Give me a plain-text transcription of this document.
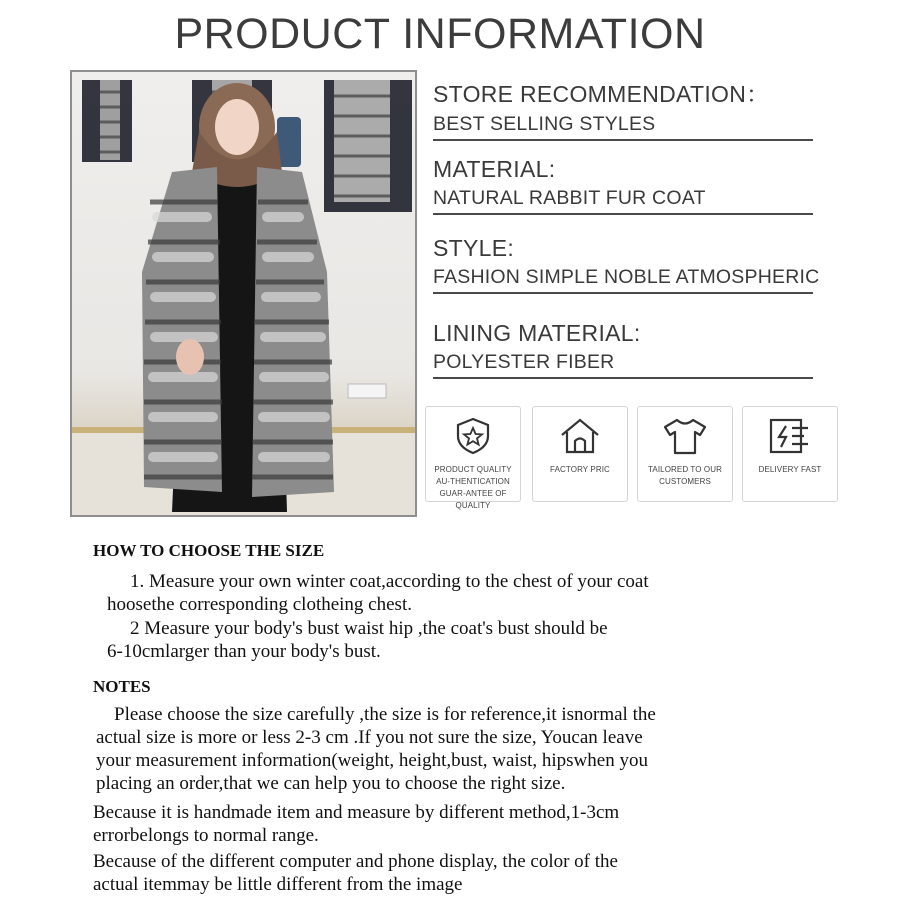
PRODUCT INFORMATION
STORE RECOMMENDATION：
BEST SELLING STYLES
MATERIAL:
NATURAL RABBIT FUR COAT
STYLE:
FASHION SIMPLE NOBLE ATMOSPHERIC
LINING MATERIAL:
POLYESTER FIBER
PRODUCT QUALITY AU-THENTICATION GUAR-ANTEE OF QUALITY
FACTORY PRIC	TAILORED TO OUR CUSTOMERS
DELIVERY FAST
HOW TO CHOOSE THE SIZE
1. Measure your own winter coat,according to the chest of your coat
hoosethe corresponding clotheing chest.
2 Measure your body's bust waist hip ,the coat's bust should be
6-10cmlarger than your body's bust.
NOTES
Please choose the size carefully ,the size is for reference,it isnormal the
actual size is more or less 2-3 cm .If you not sure the size, Youcan leave
your measurement information(weight, height,bust, waist, hipswhen you
placing an order,that we can help you to choose the right size.
Because it is handmade item and measure by different method,1-3cm
errorbelongs to normal range.
Because of the different computer and phone display, the color of the
actual itemmay be little different from the image
